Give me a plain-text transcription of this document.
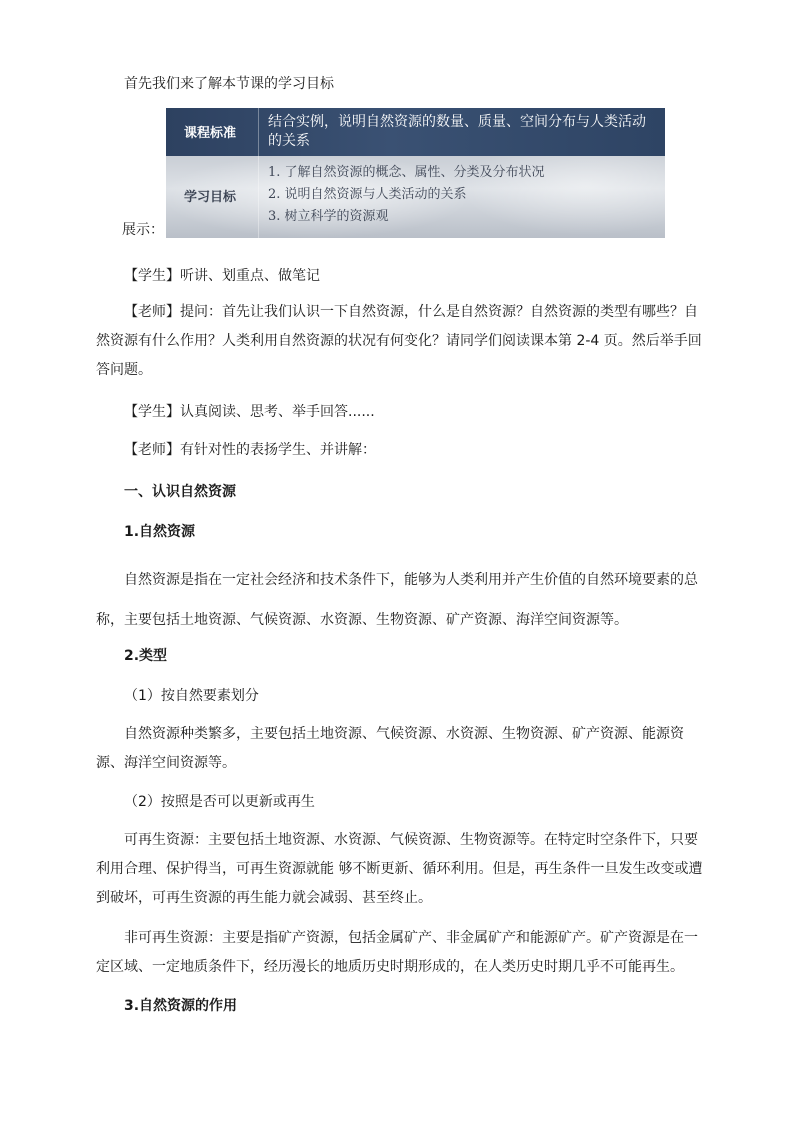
首先我们来了解本节课的学习目标

展示：
课程标准
结合实例，说明自然资源的数量、质量、空间分布与人类活动的关系
学习目标
1. 了解自然资源的概念、属性、分类及分布状况
2. 说明自然资源与人类活动的关系
3. 树立科学的资源观

【学生】听讲、划重点、做笔记

【老师】提问：首先让我们认识一下自然资源，什么是自然资源？自然资源的类型有哪些？自然资源有什么作用？人类利用自然资源的状况有何变化？请同学们阅读课本第 2-4 页。然后举手回答问题。

【学生】认真阅读、思考、举手回答......

【老师】有针对性的表扬学生、并讲解：

一、认识自然资源

1.自然资源

自然资源是指在一定社会经济和技术条件下，能够为人类利用并产生价值的自然环境要素的总称，主要包括土地资源、气候资源、水资源、生物资源、矿产资源、海洋空间资源等。

2.类型

（1）按自然要素划分

自然资源种类繁多，主要包括土地资源、气候资源、水资源、生物资源、矿产资源、能源资源、海洋空间资源等。

（2）按照是否可以更新或再生

可再生资源：主要包括土地资源、水资源、气候资源、生物资源等。在特定时空条件下，只要利用合理、保护得当，可再生资源就能 够不断更新、循环利用。但是，再生条件一旦发生改变或遭到破坏，可再生资源的再生能力就会减弱、甚至终止。

非可再生资源：主要是指矿产资源，包括金属矿产、非金属矿产和能源矿产。矿产资源是在一定区域、一定地质条件下，经历漫长的地质历史时期形成的，在人类历史时期几乎不可能再生。

3.自然资源的作用
